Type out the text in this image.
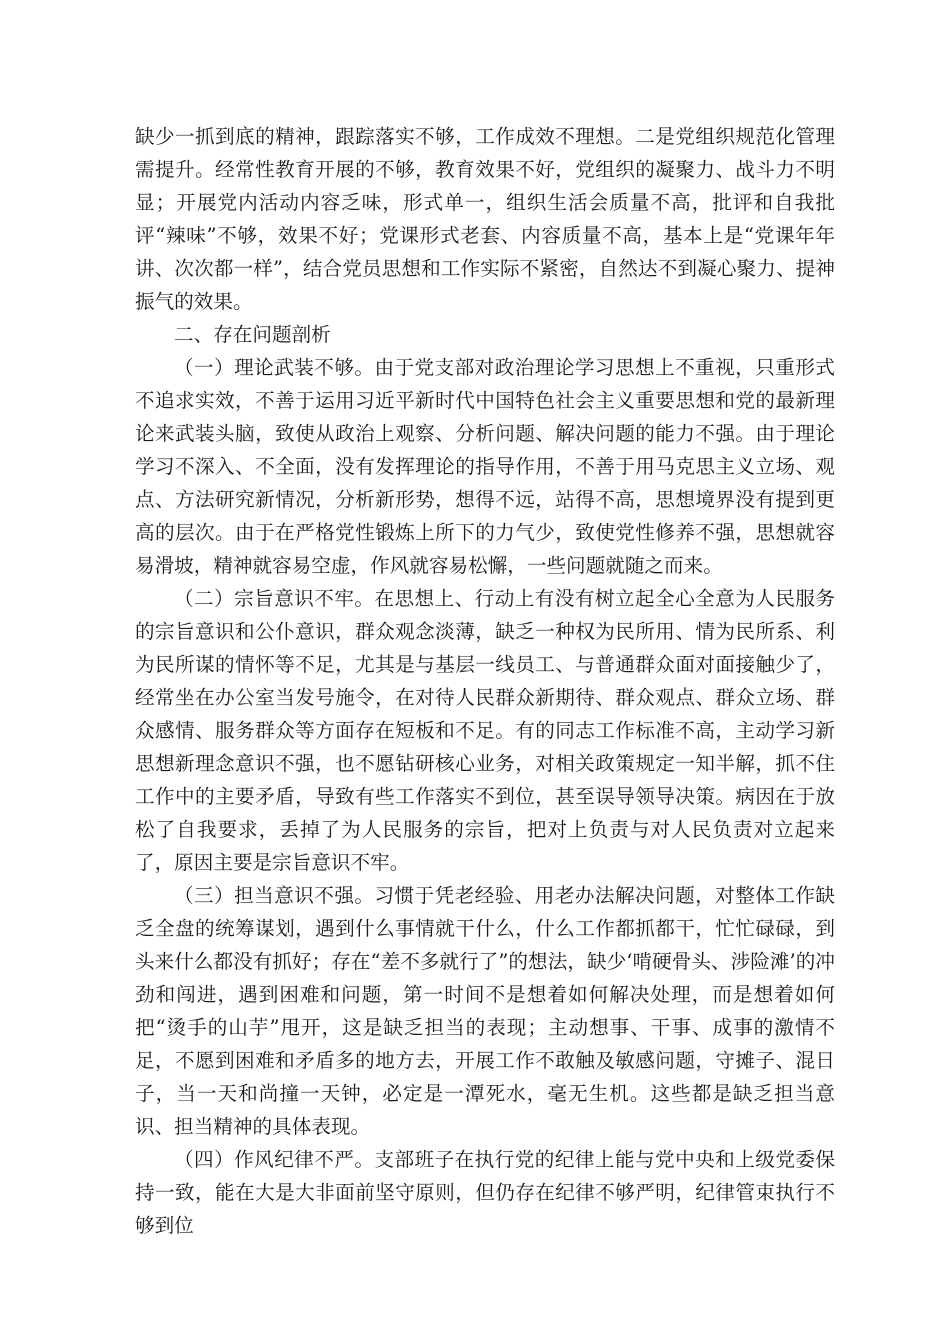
缺少一抓到底的精神，跟踪落实不够，工作成效不理想。二是党组织规范化管理需提升。经常性教育开展的不够，教育效果不好，党组织的凝聚力、战斗力不明显；开展党内活动内容乏味，形式单一，组织生活会质量不高，批评和自我批评“辣味”不够，效果不好；党课形式老套、内容质量不高，基本上是“党课年年讲、次次都一样”，结合党员思想和工作实际不紧密，自然达不到凝心聚力、提神振气的效果。

二、存在问题剖析

（一）理论武装不够。由于党支部对政治理论学习思想上不重视，只重形式不追求实效，不善于运用习近平新时代中国特色社会主义重要思想和党的最新理论来武装头脑，致使从政治上观察、分析问题、解决问题的能力不强。由于理论学习不深入、不全面，没有发挥理论的指导作用，不善于用马克思主义立场、观点、方法研究新情况，分析新形势，想得不远，站得不高，思想境界没有提到更高的层次。由于在严格党性锻炼上所下的力气少，致使党性修养不强，思想就容易滑坡，精神就容易空虚，作风就容易松懈，一些问题就随之而来。

（二）宗旨意识不牢。在思想上、行动上有没有树立起全心全意为人民服务的宗旨意识和公仆意识，群众观念淡薄，缺乏一种权为民所用、情为民所系、利为民所谋的情怀等不足，尤其是与基层一线员工、与普通群众面对面接触少了，经常坐在办公室当发号施令，在对待人民群众新期待、群众观点、群众立场、群众感情、服务群众等方面存在短板和不足。有的同志工作标准不高，主动学习新思想新理念意识不强，也不愿钻研核心业务，对相关政策规定一知半解，抓不住工作中的主要矛盾，导致有些工作落实不到位，甚至误导领导决策。病因在于放松了自我要求，丢掉了为人民服务的宗旨，把对上负责与对人民负责对立起来了，原因主要是宗旨意识不牢。

（三）担当意识不强。习惯于凭老经验、用老办法解决问题，对整体工作缺乏全盘的统筹谋划，遇到什么事情就干什么，什么工作都抓都干，忙忙碌碌，到头来什么都没有抓好；存在“差不多就行了”的想法，缺少‘啃硬骨头、涉险滩’的冲劲和闯进，遇到困难和问题，第一时间不是想着如何解决处理，而是想着如何把“烫手的山芋”甩开，这是缺乏担当的表现；主动想事、干事、成事的激情不足，不愿到困难和矛盾多的地方去，开展工作不敢触及敏感问题，守摊子、混日子，当一天和尚撞一天钟，必定是一潭死水，毫无生机。这些都是缺乏担当意识、担当精神的具体表现。

（四）作风纪律不严。支部班子在执行党的纪律上能与党中央和上级党委保持一致，能在大是大非面前坚守原则，但仍存在纪律不够严明，纪律管束执行不够到位
